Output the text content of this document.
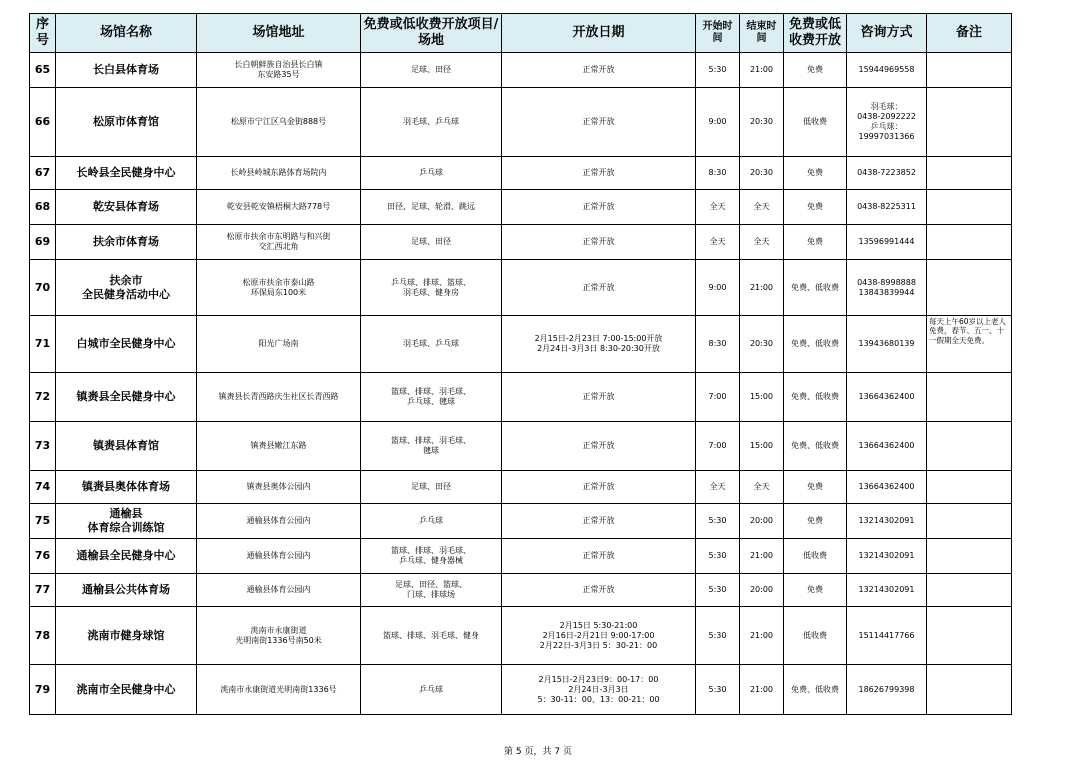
序号	场馆名称	场馆地址	免费或低收费开放项目/场地	开放日期	开始时间	结束时间	免费或低收费开放	咨询方式	备注
65	长白县体育场	长白朝鲜族自治县长白镇
东安路35号	足球、田径	正常开放	5:30	21:00	免费	15944969558	
66	松原市体育馆	松原市宁江区乌金街888号	羽毛球、乒乓球	正常开放	9:00	20:30	低收费	羽毛球：
0438-2092222
乒乓球：
19997031366	
67	长岭县全民健身中心	长岭县岭城东路体育场院内	乒乓球	正常开放	8:30	20:30	免费	0438-7223852	
68	乾安县体育场	乾安县乾安镇梧桐大路778号	田径、足球、轮滑、跳远	正常开放	全天	全天	免费	0438-8225311	
69	扶余市体育场	松原市扶余市东明路与和兴街
交汇西北角	足球、田径	正常开放	全天	全天	免费	13596991444	
70	扶余市
全民健身活动中心	松原市扶余市泰山路
环保局东100米	乒乓球、排球、篮球、
羽毛球、健身房	正常开放	9:00	21:00	免费、低收费	0438-8998888
13843839944	
71	白城市全民健身中心	阳光广场南	羽毛球、乒乓球	2月15日-2月23日 7:00-15:00开放
2月24日-3月3日 8:30-20:30开放	8:30	20:30	免费、低收费	13943680139	每天上午60岁以上老人免费，春节、五一、十一假期全天免费。
72	镇赉县全民健身中心	镇赉县长青西路庆生社区长青西路	篮球、排球、羽毛球、
乒乓球、毽球	正常开放	7:00	15:00	免费、低收费	13664362400	
73	镇赉县体育馆	镇赉县嫩江东路	篮球、排球、羽毛球、
毽球	正常开放	7:00	15:00	免费、低收费	13664362400	
74	镇赉县奥体体育场	镇赉县奥体公园内	足球、田径	正常开放	全天	全天	免费	13664362400	
75	通榆县
体育综合训练馆	通榆县体育公园内	乒乓球	正常开放	5:30	20:00	免费	13214302091	
76	通榆县全民健身中心	通榆县体育公园内	篮球、排球、羽毛球、
乒乓球、健身器械	正常开放	5:30	21:00	低收费	13214302091	
77	通榆县公共体育场	通榆县体育公园内	足球、田径、篮球、
门球、排球场	正常开放	5:30	20:00	免费	13214302091	
78	洮南市健身球馆	洮南市永康街道
光明南街1336号南50米	篮球、排球、羽毛球、健身	2月15日 5:30-21:00
2月16日-2月21日 9:00-17:00
2月22日-3月3日 5：30-21：00	5:30	21:00	低收费	15114417766	
79	洮南市全民健身中心	洮南市永康街道光明南街1336号	乒乓球	2月15日-2月23日9：00-17：00
2月24日-3月3日
5：30-11：00、13：00-21：00	5:30	21:00	免费、低收费	18626799398	
第 5 页，共 7 页
